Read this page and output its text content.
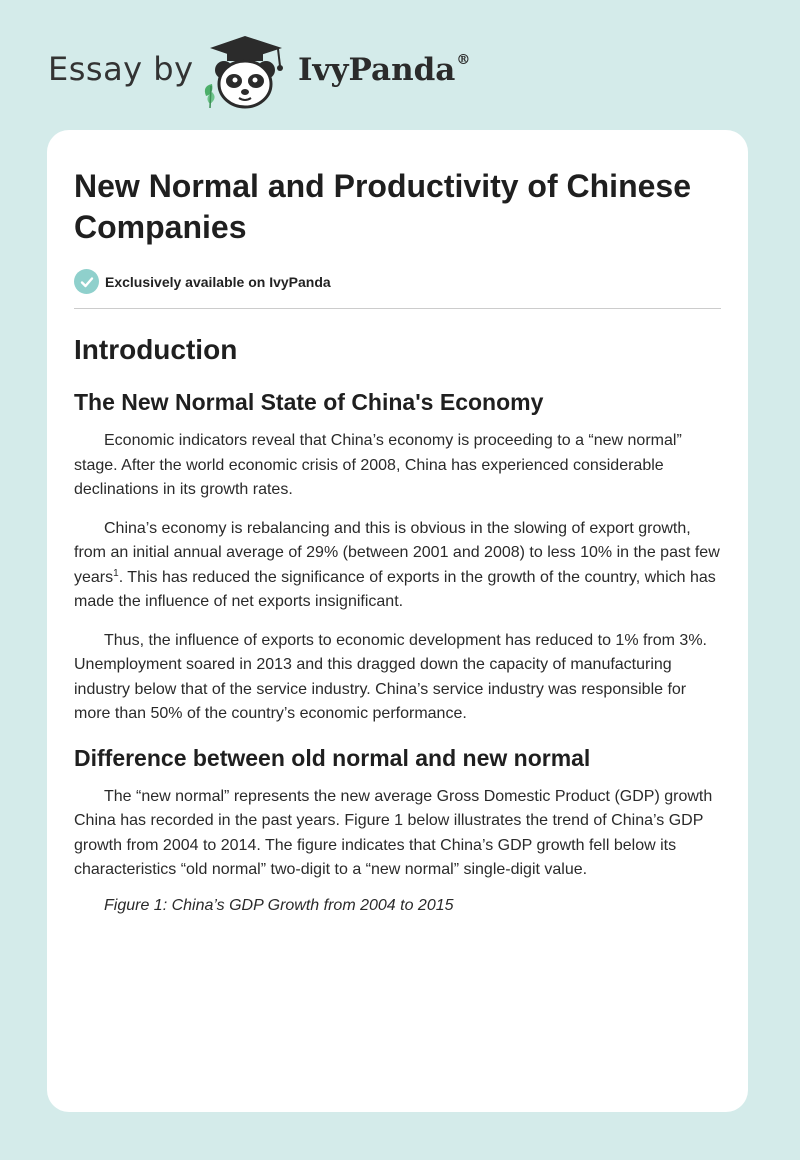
Essay by	IvyPanda®
New Normal and Productivity of Chinese Companies
Exclusively available on IvyPanda
Introduction
The New Normal State of China's Economy

Economic indicators reveal that China’s economy is proceeding to a “new normal” stage. After the world economic crisis of 2008, China has experienced considerable declinations in its growth rates.

China’s economy is rebalancing and this is obvious in the slowing of export growth, from an initial annual average of 29% (between 2001 and 2008) to less 10% in the past few years$^1$. This has reduced the significance of exports in the growth of the country, which has made the influence of net exports insignificant.

Thus, the influence of exports to economic development has reduced to 1% from 3%. Unemployment soared in 2013 and this dragged down the capacity of manufacturing industry below that of the service industry. China’s service industry was responsible for more than 50% of the country’s economic performance.

Difference between old normal and new normal

The “new normal” represents the new average Gross Domestic Product (GDP) growth China has recorded in the past years. Figure 1 below illustrates the trend of China’s GDP growth from 2004 to 2014. The figure indicates that China’s GDP growth fell below its characteristics “old normal” two-digit to a “new normal” single-digit value.

Figure 1: China’s GDP Growth from 2004 to 2015
